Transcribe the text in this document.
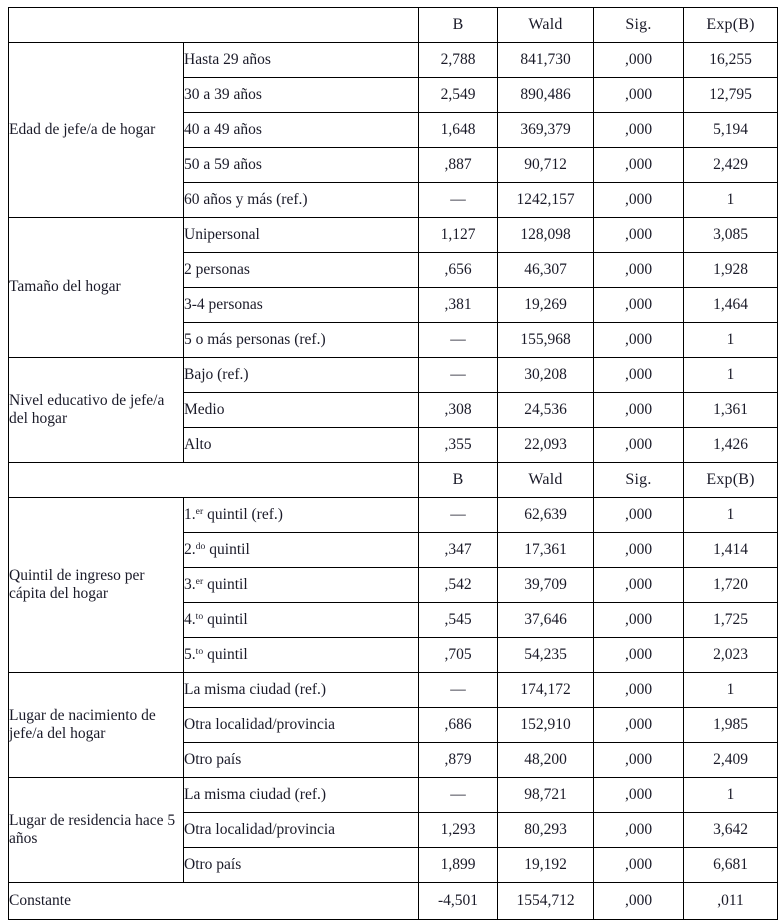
		B	Wald	Sig.	Exp(B)
Edad de jefe/a de hogar	Hasta 29 años	2,788	841,730	,000	16,255
	30 a 39 años	2,549	890,486	,000	12,795
	40 a 49 años	1,648	369,379	,000	5,194
	50 a 59 años	,887	90,712	,000	2,429
	60 años y más (ref.)	—	1242,157	,000	1
Tamaño del hogar	Unipersonal	1,127	128,098	,000	3,085
	2 personas	,656	46,307	,000	1,928
	3-4 personas	,381	19,269	,000	1,464
	5 o más personas (ref.)	—	155,968	,000	1
Nivel educativo de jefe/a del hogar	Bajo (ref.)	—	30,208	,000	1
	Medio	,308	24,536	,000	1,361
	Alto	,355	22,093	,000	1,426
		B	Wald	Sig.	Exp(B)
Quintil de ingreso per cápita del hogar	1.$^{er}$ quintil (ref.)	—	62,639	,000	1
	2.$^{do}$ quintil	,347	17,361	,000	1,414
	3.$^{er}$ quintil	,542	39,709	,000	1,720
	4.$^{to}$ quintil	,545	37,646	,000	1,725
	5.$^{to}$ quintil	,705	54,235	,000	2,023
Lugar de nacimiento de jefe/a del hogar	La misma ciudad (ref.)	—	174,172	,000	1
	Otra localidad/provincia	,686	152,910	,000	1,985
	Otro país	,879	48,200	,000	2,409
Lugar de residencia hace 5 años	La misma ciudad (ref.)	—	98,721	,000	1
	Otra localidad/provincia	1,293	80,293	,000	3,642
	Otro país	1,899	19,192	,000	6,681
Constante		-4,501	1554,712	,000	,011
